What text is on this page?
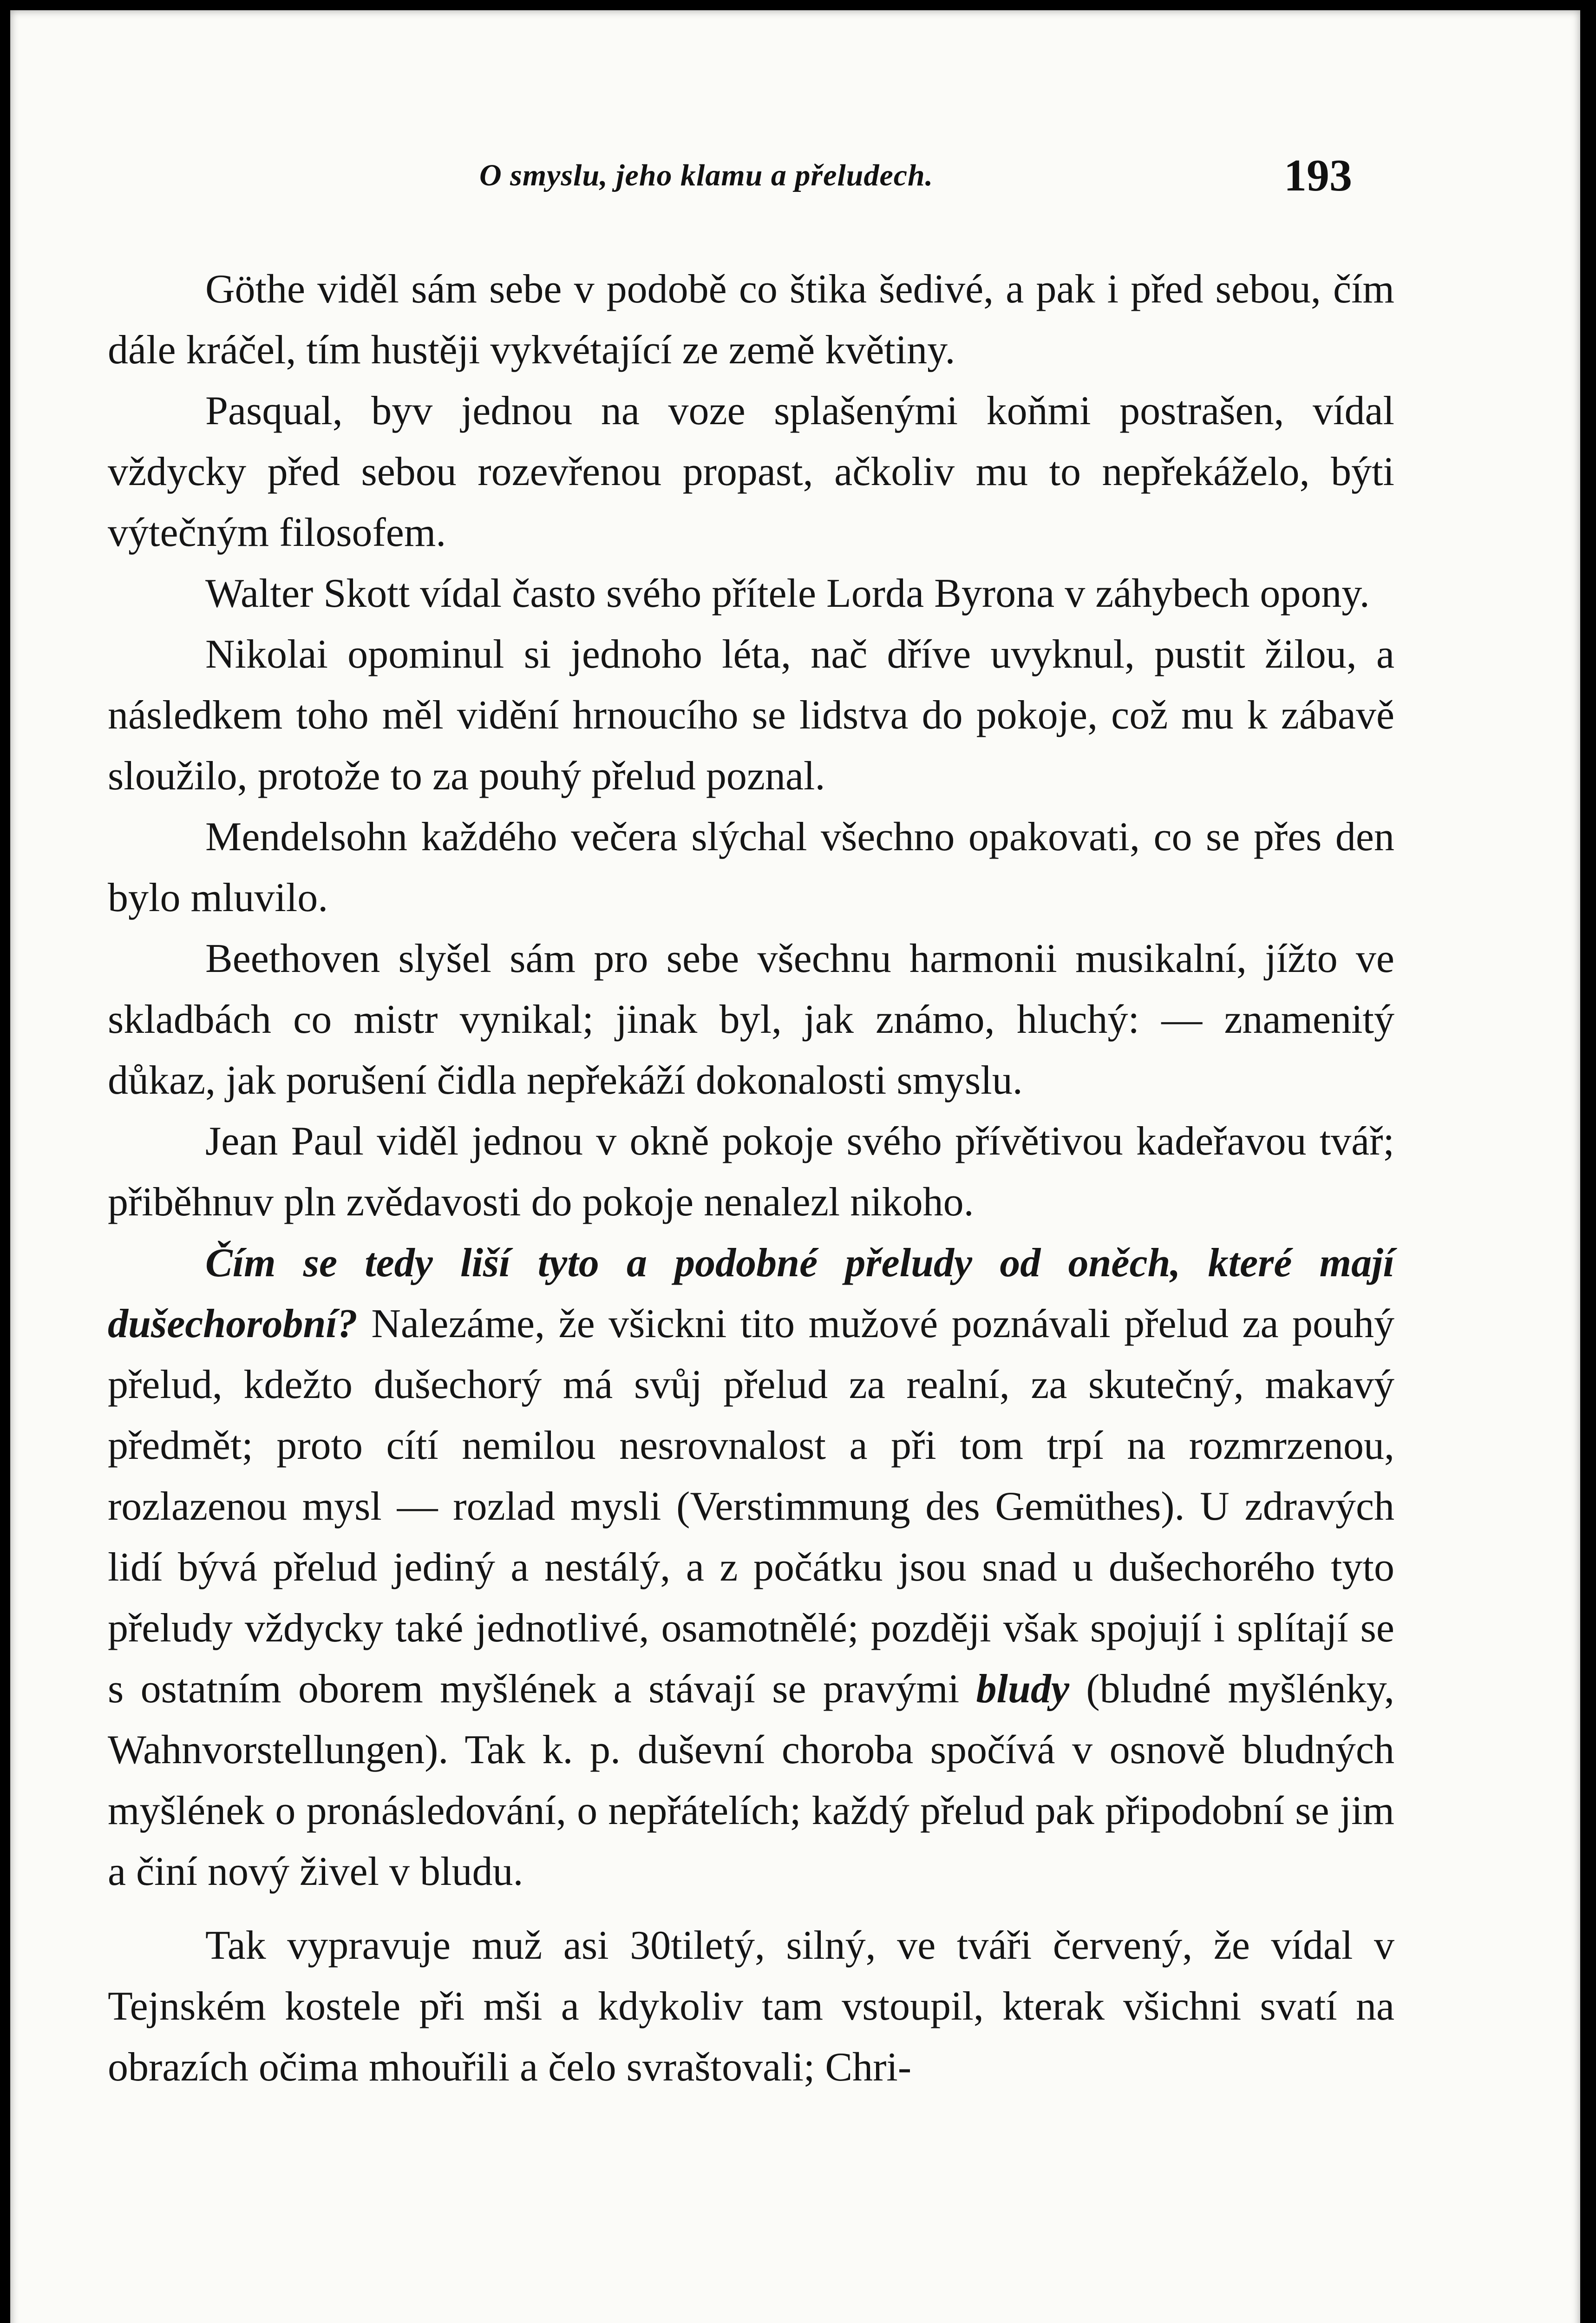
O smyslu, jeho klamu a přeludech.	193

Göthe viděl sám sebe v podobě co štika šedivé, a pak i před sebou, čím dále kráčel, tím hustěji vykvétající ze země květiny.

Pasqual, byv jednou na voze splašenými koňmi postrašen, vídal vždycky před sebou rozevřenou propast, ačkoliv mu to nepřekáželo, býti výtečným filosofem.

Walter Skott vídal často svého přítele Lorda Byrona v záhybech opony.

Nikolai opominul si jednoho léta, nač dříve uvyknul, pustit žilou, a následkem toho měl vidění hrnoucího se lidstva do pokoje, což mu k zábavě sloužilo, protože to za pouhý přelud poznal.

Mendelsohn každého večera slýchal všechno opakovati, co se přes den bylo mluvilo.

Beethoven slyšel sám pro sebe všechnu harmonii musikalní, jížto ve skladbách co mistr vynikal; jinak byl, jak známo, hluchý: — znamenitý důkaz, jak porušení čidla nepřekáží dokonalosti smyslu.

Jean Paul viděl jednou v okně pokoje svého přívětivou kadeřavou tvář; přiběhnuv pln zvědavosti do pokoje nenalezl nikoho.

Čím se tedy liší tyto a podobné přeludy od oněch, které mají dušechorobní? Nalezáme, že všickni tito mužové poznávali přelud za pouhý přelud, kdežto dušechorý má svůj přelud za realní, za skutečný, makavý předmět; proto cítí nemilou nesrovnalost a při tom trpí na rozmrzenou, rozlazenou mysl — rozlad mysli (Verstimmung des Gemüthes). U zdravých lidí bývá přelud jediný a nestálý, a z počátku jsou snad u dušechorého tyto přeludy vždycky také jednotlivé, osamotnělé; později však spojují i splítají se s ostatním oborem myšlének a stávají se pravými bludy (bludné myšlénky, Wahnvorstellungen). Tak k. p. duševní choroba spočívá v osnově bludných myšlének o pronásledování, o nepřátelích; každý přelud pak připodobní se jim a činí nový živel v bludu.

Tak vypravuje muž asi 30tiletý, silný, ve tváři červený, že vídal v Tejnském kostele při mši a kdykoliv tam vstoupil, kterak všichni svatí na obrazích očima mhouřili a čelo svraštovali; Chri-
